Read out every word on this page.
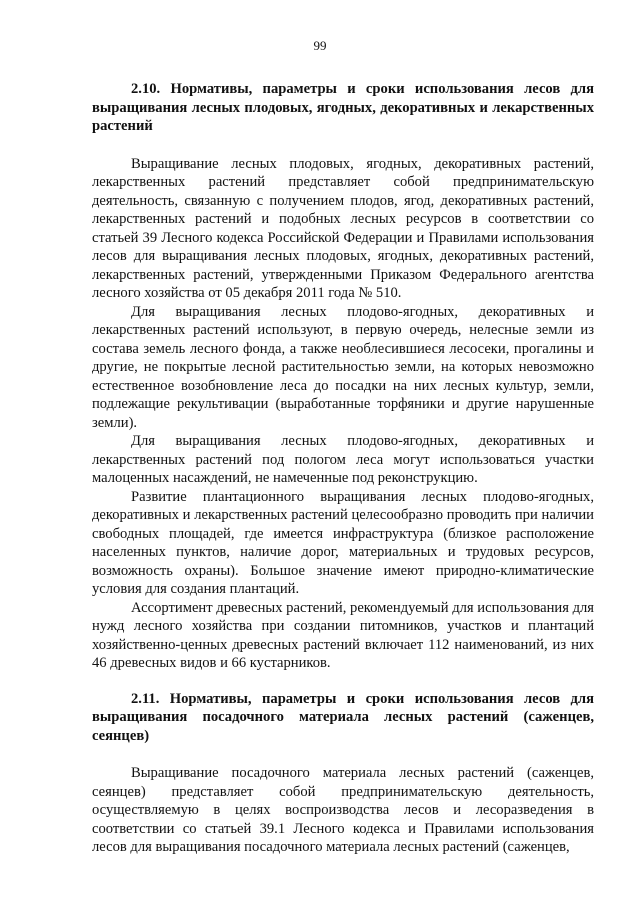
99

2.10. Нормативы, параметры и сроки использования лесов для выращивания лесных плодовых, ягодных, декоративных и лекарственных растений

Выращивание лесных плодовых, ягодных, декоративных растений, лекарственных растений представляет собой предпринимательскую деятельность, связанную с получением плодов, ягод, декоративных растений, лекарственных растений и подобных лесных ресурсов в соответствии со статьей 39 Лесного кодекса Российской Федерации и Правилами использования лесов для выращивания лесных плодовых, ягодных, декоративных растений, лекарственных растений, утвержденными Приказом Федерального агентства лесного хозяйства от 05 декабря 2011 года № 510.

Для выращивания лесных плодово-ягодных, декоративных и лекарственных растений используют, в первую очередь, нелесные земли из состава земель лесного фонда, а также необлесившиеся лесосеки, прогалины и другие, не покрытые лесной растительностью земли, на которых невозможно естественное возобновление леса до посадки на них лесных культур, земли, подлежащие рекультивации (выработанные торфяники и другие нарушенные земли).

Для выращивания лесных плодово-ягодных, декоративных и лекарственных растений под пологом леса могут использоваться участки малоценных насаждений, не намеченные под реконструкцию.

Развитие плантационного выращивания лесных плодово-ягодных, декоративных и лекарственных растений целесообразно проводить при наличии свободных площадей, где имеется инфраструктура (близкое расположение населенных пунктов, наличие дорог, материальных и трудовых ресурсов, возможность охраны). Большое значение имеют природно-климатические условия для создания плантаций.

Ассортимент древесных растений, рекомендуемый для использования для нужд лесного хозяйства при создании питомников, участков и плантаций хозяйственно-ценных древесных растений включает 112 наименований, из них 46 древесных видов и 66 кустарников.

2.11. Нормативы, параметры и сроки использования лесов для выращивания посадочного материала лесных растений (саженцев, сеянцев)

Выращивание посадочного материала лесных растений (саженцев, сеянцев) представляет собой предпринимательскую деятельность, осуществляемую в целях воспроизводства лесов и лесоразведения в соответствии со статьей 39.1 Лесного кодекса и Правилами использования лесов для выращивания посадочного материала лесных растений (саженцев,
